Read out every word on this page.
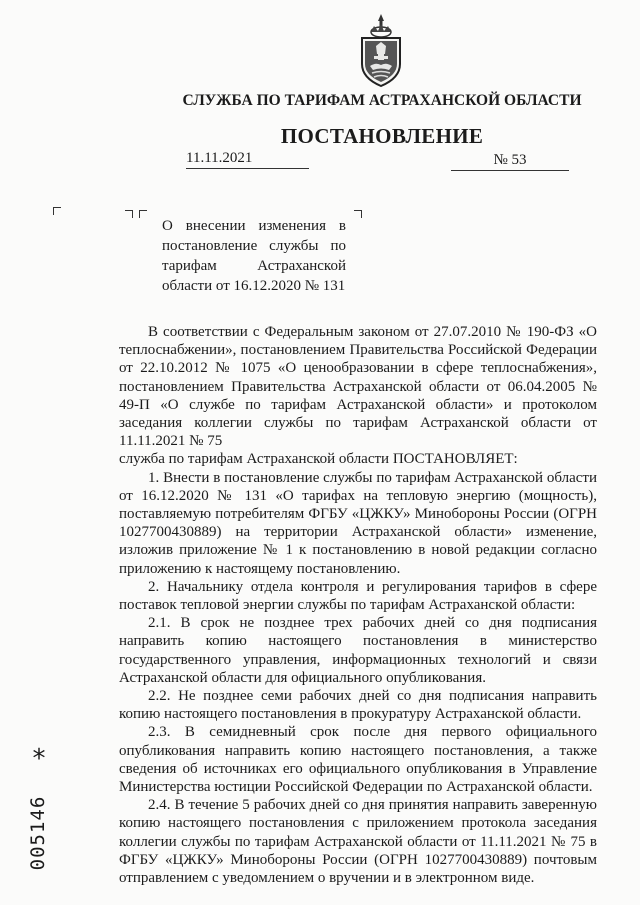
СЛУЖБА ПО ТАРИФАМ АСТРАХАНСКОЙ ОБЛАСТИ
ПОСТАНОВЛЕНИЕ
11.11.2021	№ 53
О внесении изменения в постановление службы по тарифам Астраханской области от 16.12.2020 № 131

В соответствии с Федеральным законом от 27.07.2010 № 190-ФЗ «О теплоснабжении», постановлением Правительства Российской Федерации от 22.10.2012 № 1075 «О ценообразовании в сфере теплоснабжения», постановлением Правительства Астраханской области от 06.04.2005 № 49-П «О службе по тарифам Астраханской области» и протоколом заседания коллегии службы по тарифам Астраханской области от 11.11.2021 № 75

служба по тарифам Астраханской области ПОСТАНОВЛЯЕТ:

1. Внести в постановление службы по тарифам Астраханской области от 16.12.2020 № 131 «О тарифах на тепловую энергию (мощность), поставляемую потребителям ФГБУ «ЦЖКУ» Минобороны России (ОГРН 1027700430889) на территории Астраханской области» изменение, изложив приложение № 1 к постановлению в новой редакции согласно приложению к настоящему постановлению.

2. Начальнику отдела контроля и регулирования тарифов в сфере поставок тепловой энергии службы по тарифам Астраханской области:

2.1. В срок не позднее трех рабочих дней со дня подписания направить копию настоящего постановления в министерство государственного управления, информационных технологий и связи Астраханской области для официального опубликования.

2.2. Не позднее семи рабочих дней со дня подписания направить копию настоящего постановления в прокуратуру Астраханской области.

2.3. В семидневный срок после дня первого официального опубликования направить копию настоящего постановления, а также сведения об источниках его официального опубликования в Управление Министерства юстиции Российской Федерации по Астраханской области.

2.4. В течение 5 рабочих дней со дня принятия направить заверенную копию настоящего постановления с приложением протокола заседания коллегии службы по тарифам Астраханской области от 11.11.2021 № 75 в ФГБУ «ЦЖКУ» Минобороны России (ОГРН 1027700430889) почтовым отправлением с уведомлением о вручении и в электронном виде.

*
005146
